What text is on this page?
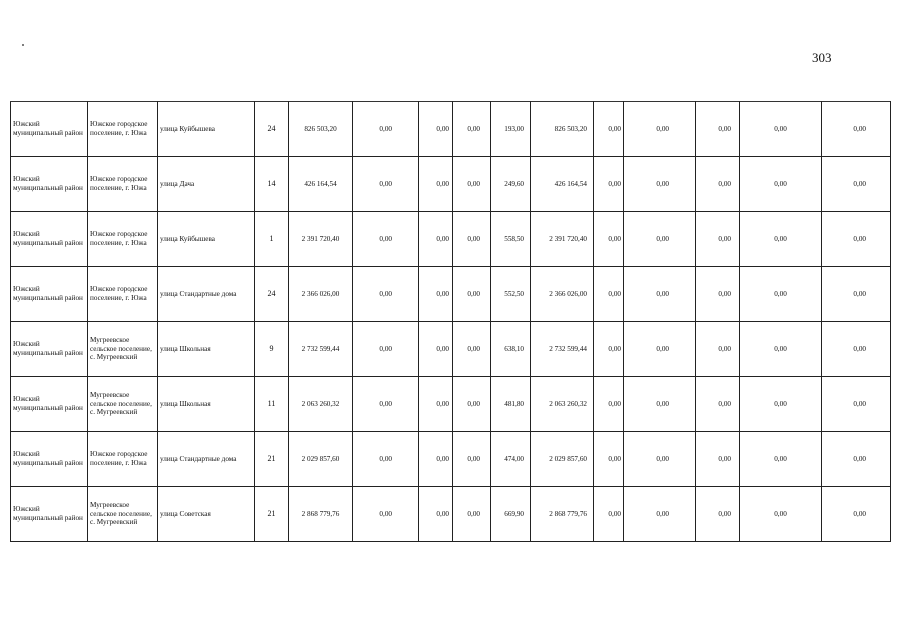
303
Южский муниципальный район	Южское городское поселение, г. Южа	улица Куйбышева	24	826 503,20	0,00	0,00	0,00	193,00	826 503,20	0,00	0,00	0,00	0,00	0,00
Южский муниципальный район	Южское городское поселение, г. Южа	улица Дача	14	426 164,54	0,00	0,00	0,00	249,60	426 164,54	0,00	0,00	0,00	0,00	0,00
Южский муниципальный район	Южское городское поселение, г. Южа	улица Куйбышева	1	2 391 720,40	0,00	0,00	0,00	558,50	2 391 720,40	0,00	0,00	0,00	0,00	0,00
Южский муниципальный район	Южское городское поселение, г. Южа	улица Стандартные дома	24	2 366 026,00	0,00	0,00	0,00	552,50	2 366 026,00	0,00	0,00	0,00	0,00	0,00
Южский муниципальный район	Мугреевское сельское поселение, с. Мугреевский	улица Школьная	9	2 732 599,44	0,00	0,00	0,00	638,10	2 732 599,44	0,00	0,00	0,00	0,00	0,00
Южский муниципальный район	Мугреевское сельское поселение, с. Мугреевский	улица Школьная	11	2 063 260,32	0,00	0,00	0,00	481,80	2 063 260,32	0,00	0,00	0,00	0,00	0,00
Южский муниципальный район	Южское городское поселение, г. Южа	улица Стандартные дома	21	2 029 857,60	0,00	0,00	0,00	474,00	2 029 857,60	0,00	0,00	0,00	0,00	0,00
Южский муниципальный район	Мугреевское сельское поселение, с. Мугреевский	улица Советская	21	2 868 779,76	0,00	0,00	0,00	669,90	2 868 779,76	0,00	0,00	0,00	0,00	0,00
